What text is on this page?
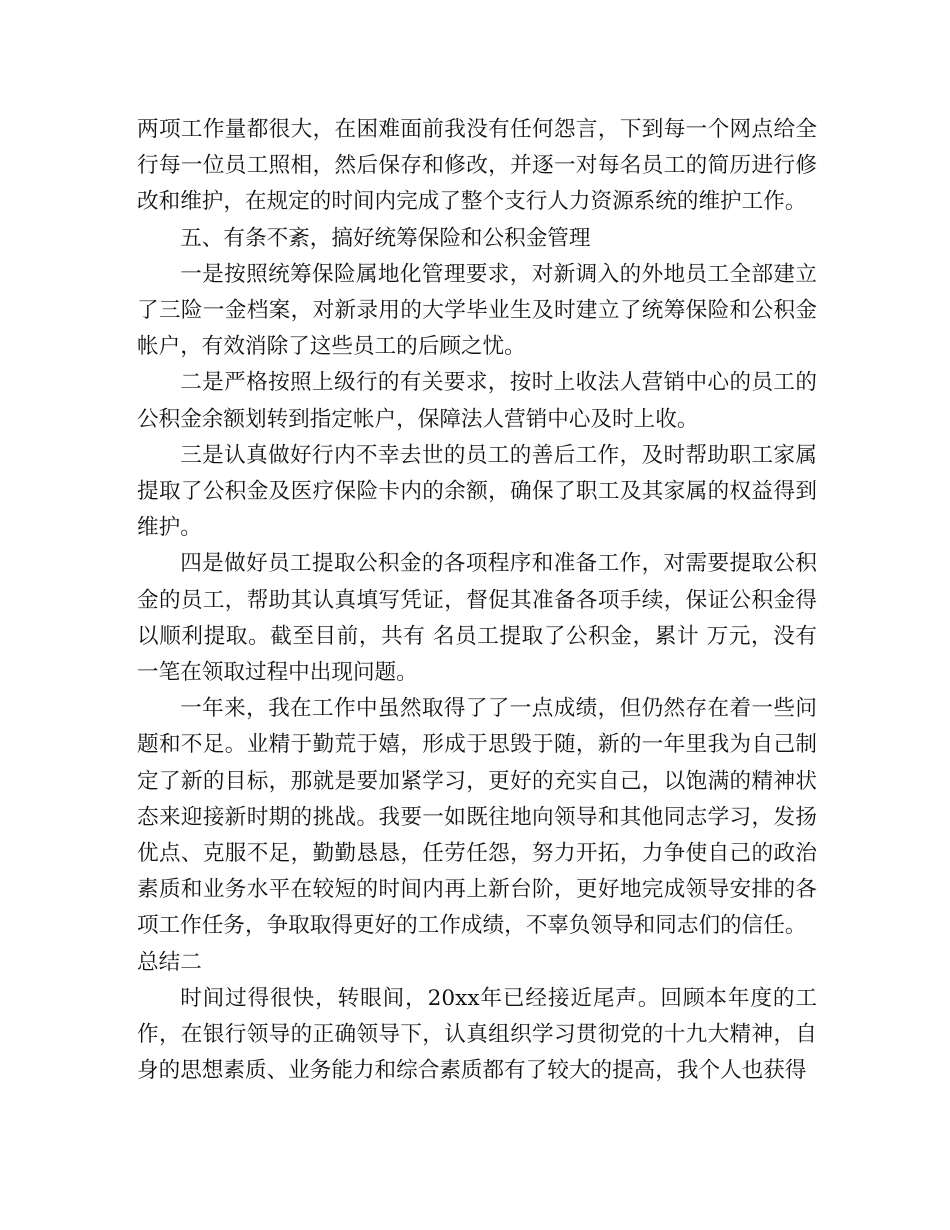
两项工作量都很大，在困难面前我没有任何怨言，下到每一个网点给全行每一位员工照相，然后保存和修改，并逐一对每名员工的简历进行修改和维护，在规定的时间内完成了整个支行人力资源系统的维护工作。

五、有条不紊，搞好统筹保险和公积金管理

一是按照统筹保险属地化管理要求，对新调入的外地员工全部建立了三险一金档案，对新录用的大学毕业生及时建立了统筹保险和公积金帐户，有效消除了这些员工的后顾之忧。

二是严格按照上级行的有关要求，按时上收法人营销中心的员工的公积金余额划转到指定帐户，保障法人营销中心及时上收。

三是认真做好行内不幸去世的员工的善后工作，及时帮助职工家属提取了公积金及医疗保险卡内的余额，确保了职工及其家属的权益得到维护。

四是做好员工提取公积金的各项程序和准备工作，对需要提取公积金的员工，帮助其认真填写凭证，督促其准备各项手续，保证公积金得以顺利提取。截至目前，共有 名员工提取了公积金，累计 万元，没有一笔在领取过程中出现问题。

一年来，我在工作中虽然取得了了一点成绩，但仍然存在着一些问题和不足。业精于勤荒于嬉，形成于思毁于随，新的一年里我为自己制定了新的目标，那就是要加紧学习，更好的充实自己，以饱满的精神状态来迎接新时期的挑战。我要一如既往地向领导和其他同志学习，发扬优点、克服不足，勤勤恳恳，任劳任怨，努力开拓，力争使自己的政治素质和业务水平在较短的时间内再上新台阶，更好地完成领导安排的各项工作任务，争取取得更好的工作成绩，不辜负领导和同志们的信任。

总结二

时间过得很快，转眼间，20xx年已经接近尾声。回顾本年度的工作，在银行领导的正确领导下，认真组织学习贯彻党的十九大精神，自身的思想素质、业务能力和综合素质都有了较大的提高，我个人也获得
